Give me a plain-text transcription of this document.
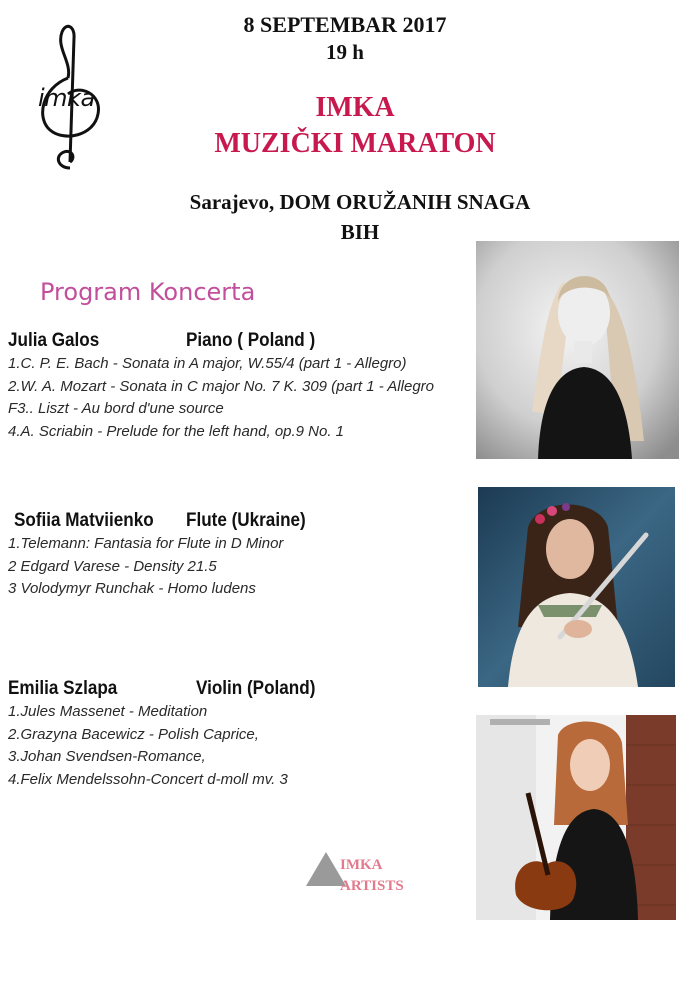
imka
8 SEPTEMBAR 2017
19 h
IMKA
MUZIČKI MARATON
Sarajevo, DOM ORUŽANIH SNAGA
BIH
Program Koncerta
Julia Galos	Piano ( Poland )
1.C. P. E. Bach - Sonata in A major, W.55/4 (part 1 - Allegro)
2.W. A. Mozart - Sonata in C major No. 7 K. 309 (part 1 - Allegro
F3.. Liszt - Au bord d'une source
4.A. Scriabin - Prelude for the left hand, op.9 No. 1
Sofiia Matviienko Flute (Ukraine)
1.Telemann: Fantasia for Flute in D Minor
2 Edgard Varese - Density 21.5
3 Volodymyr Runchak - Homo ludens
Emilia Szlapa	Violin (Poland)
1.Jules Massenet - Meditation
2.Grazyna Bacewicz - Polish Caprice,
3.Johan Svendsen-Romance,
4.Felix Mendelssohn-Concert d-moll mv. 3
IMKA
ARTISTS
